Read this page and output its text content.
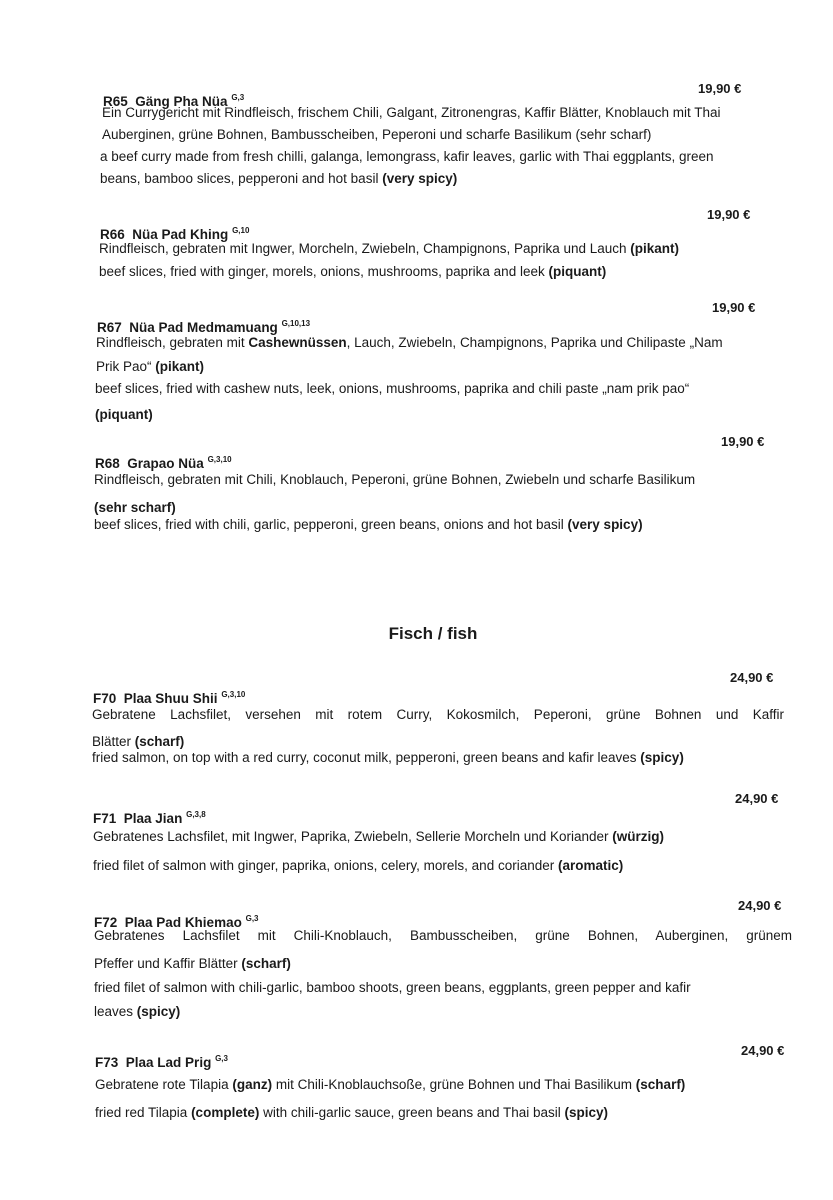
19,90 €
R65 Gäng Pha Nüa $^{G,3}$
Ein Currygericht mit Rindfleisch, frischem Chili, Galgant, Zitronengras, Kaffir Blätter, Knoblauch mit Thai
Auberginen, grüne Bohnen, Bambusscheiben, Peperoni und scharfe Basilikum (sehr scharf)
a beef curry made from fresh chilli, galanga, lemongrass, kafir leaves, garlic with Thai eggplants, green
beans, bamboo slices, pepperoni and hot basil (very spicy)
19,90 €
R66 Nüa Pad Khing $^{G,10}$
Rindfleisch, gebraten mit Ingwer, Morcheln, Zwiebeln, Champignons, Paprika und Lauch (pikant)
beef slices, fried with ginger, morels, onions, mushrooms, paprika and leek (piquant)
19,90 €
R67 Nüa Pad Medmamuang $^{G,10,13}$
Rindfleisch, gebraten mit Cashewnüssen, Lauch, Zwiebeln, Champignons, Paprika und Chilipaste „Nam
Prik Pao“ (pikant)
beef slices, fried with cashew nuts, leek, onions, mushrooms, paprika and chili paste „nam prik pao“
(piquant)
19,90 €
R68 Grapao Nüa $^{G,3,10}$
Rindfleisch, gebraten mit Chili, Knoblauch, Peperoni, grüne Bohnen, Zwiebeln und scharfe Basilikum
(sehr scharf)
beef slices, fried with chili, garlic, pepperoni, green beans, onions and hot basil (very spicy)
Fisch / fish
24,90 €
F70 Plaa Shuu Shii $^{G,3,10}$
Gebratene Lachsfilet, versehen mit rotem Curry, Kokosmilch, Peperoni, grüne Bohnen und Kaffir
Blätter (scharf)
fried salmon, on top with a red curry, coconut milk, pepperoni, green beans and kafir leaves (spicy)
24,90 €
F71 Plaa Jian $^{G,3,8}$
Gebratenes Lachsfilet, mit Ingwer, Paprika, Zwiebeln, Sellerie Morcheln und Koriander (würzig)
fried filet of salmon with ginger, paprika, onions, celery, morels, and coriander (aromatic)
24,90 €
F72 Plaa Pad Khiemao $^{G,3}$
Gebratenes Lachsfilet mit Chili-Knoblauch, Bambusscheiben, grüne Bohnen, Auberginen, grünem
Pfeffer und Kaffir Blätter (scharf)
fried filet of salmon with chili-garlic, bamboo shoots, green beans, eggplants, green pepper and kafir
leaves (spicy)
24,90 €
F73 Plaa Lad Prig $^{G,3}$
Gebratene rote Tilapia (ganz) mit Chili-Knoblauchsoße, grüne Bohnen und Thai Basilikum (scharf)
fried red Tilapia (complete) with chili-garlic sauce, green beans and Thai basil (spicy)
